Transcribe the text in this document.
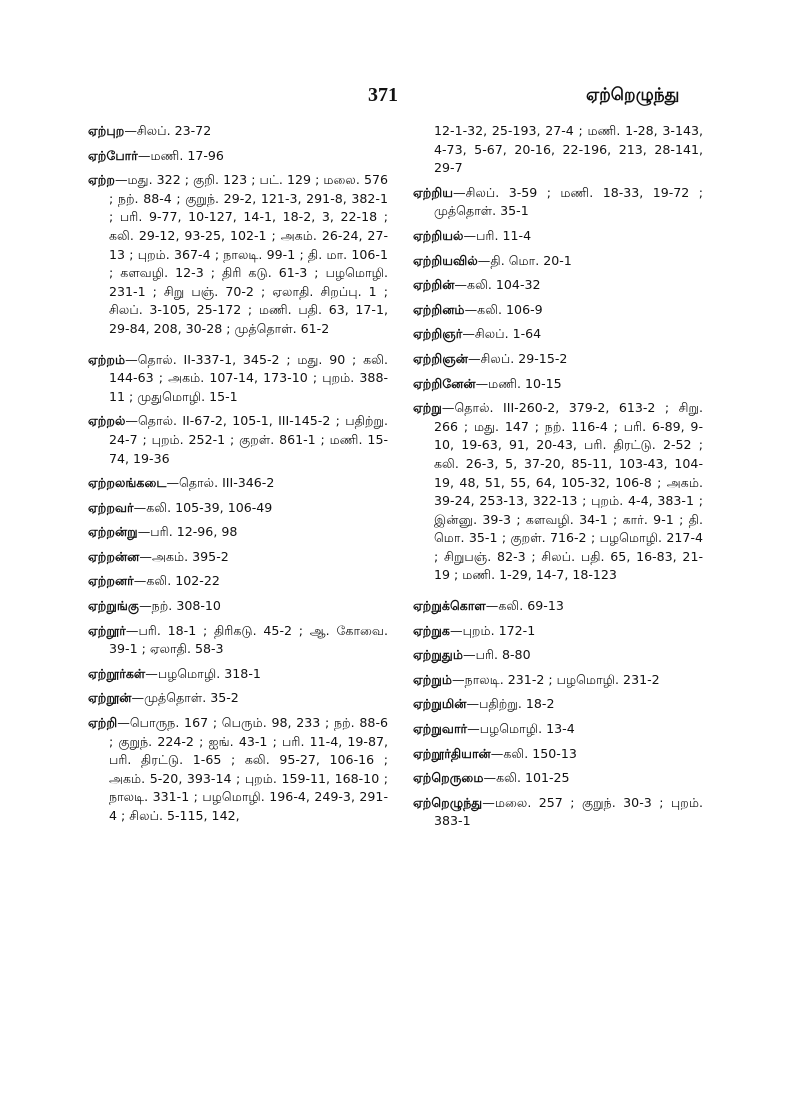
371	ஏற்றெழுந்து
ஏற்புற—சிலப். 23-72
ஏற்போர்—மணி. 17-96
ஏற்ற—மது. 322 ; குறி. 123 ; பட். 129 ; மலை. 576 ; நற். 88-4 ; குறுந். 29-2, 121-3, 291-8, 382-1 ; பரி. 9-77, 10-127, 14-1, 18-2, 3, 22-18 ; கலி. 29-12, 93-25, 102-1 ; அகம். 26-24, 27-13 ; புறம். 367-4 ; நாலடி. 99-1 ; தி. மா. 106-1 ; களவழி. 12-3 ; திரி கடு. 61-3 ; பழமொழி. 231-1 ; சிறு பஞ். 70-2 ; ஏலாதி. சிறப்பு. 1 ; சிலப். 3-105, 25-172 ; மணி. பதி. 63, 17-1, 29-84, 208, 30-28 ; முத்தொள். 61-2
ஏற்றம்—தொல். II-337-1, 345-2 ; மது. 90 ; கலி. 144-63 ; அகம். 107-14, 173-10 ; புறம். 388-11 ; முதுமொழி. 15-1
ஏற்றல்—தொல். II-67-2, 105-1, III-145-2 ; பதிற்று. 24-7 ; புறம். 252-1 ; குறள். 861-1 ; மணி. 15-74, 19-36
ஏற்றலங்கடை—தொல். III-346-2
ஏற்றவர்—கலி. 105-39, 106-49
ஏற்றன்று—பரி. 12-96, 98
ஏற்றன்ன—அகம். 395-2
ஏற்றனர்—கலி. 102-22
ஏற்றுங்கு—நற். 308-10
ஏற்றூர்—பரி. 18-1 ; திரிகடு. 45-2 ; ஆ. கோவை. 39-1 ; ஏலாதி. 58-3
ஏற்றூர்கள்—பழமொழி. 318-1
ஏற்றூன்—முத்தொள். 35-2
ஏற்றி—பொருந. 167 ; பெரும். 98, 233 ; நற். 88-6 ; குறுந். 224-2 ; ஐங். 43-1 ; பரி. 11-4, 19-87, பரி. திரட்டு. 1-65 ; கலி. 95-27, 106-16 ; அகம். 5-20, 393-14 ; புறம். 159-11, 168-10 ; நாலடி. 331-1 ; பழமொழி. 196-4, 249-3, 291-4 ; சிலப். 5-115, 142,
12-1-32, 25-193, 27-4 ; மணி. 1-28, 3-143, 4-73, 5-67, 20-16, 22-196, 213, 28-141, 29-7
ஏற்றிய—சிலப். 3-59 ; மணி. 18-33, 19-72 ; முத்தொள். 35-1
ஏற்றியல்—பரி. 11-4
ஏற்றியவில்—தி. மொ. 20-1
ஏற்றின்—கலி. 104-32
ஏற்றினம்—கலி. 106-9
ஏற்றிஞர்—சிலப். 1-64
ஏற்றிஞன்—சிலப். 29-15-2
ஏற்றினேன்—மணி. 10-15
ஏற்று—தொல். III-260-2, 379-2, 613-2 ; சிறு. 266 ; மது. 147 ; நற். 116-4 ; பரி. 6-89, 9-10, 19-63, 91, 20-43, பரி. திரட்டு. 2-52 ; கலி. 26-3, 5, 37-20, 85-11, 103-43, 104-19, 48, 51, 55, 64, 105-32, 106-8 ; அகம். 39-24, 253-13, 322-13 ; புறம். 4-4, 383-1 ; இன்னு. 39-3 ; களவழி. 34-1 ; கார். 9-1 ; தி. மொ. 35-1 ; குறள். 716-2 ; பழமொழி. 217-4 ; சிறுபஞ். 82-3 ; சிலப். பதி. 65, 16-83, 21-19 ; மணி. 1-29, 14-7, 18-123
ஏற்றுக்கொள—கலி. 69-13
ஏற்றுக—புறம். 172-1
ஏற்றுதும்—பரி. 8-80
ஏற்றும்—நாலடி. 231-2 ; பழமொழி. 231-2
ஏற்றுமின்—பதிற்று. 18-2
ஏற்றுவார்—பழமொழி. 13-4
ஏற்றூர்தியான்—கலி. 150-13
ஏற்றெருமை—கலி. 101-25
ஏற்றெழுந்து—மலை. 257 ; குறுந். 30-3 ; புறம். 383-1
